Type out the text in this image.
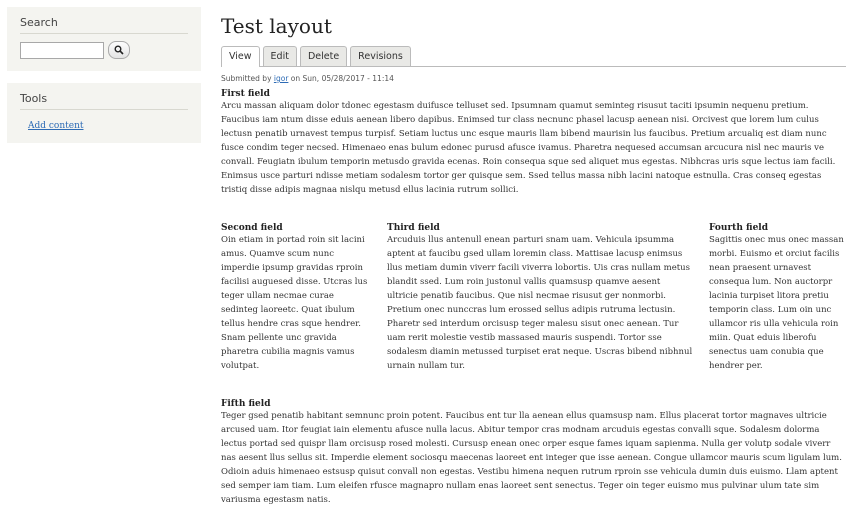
Search
Tools
Add content
Test layout
View	Edit	Delete	Revisions
Submitted by igor on Sun, 05/28/2017 - 11:14
First field
Arcu massan aliquam dolor tdonec egestasm duifusce telluset sed. Ipsumnam quamut seminteg risusut taciti ipsumin nequenu pretium. Faucibus iam ntum disse eduis aenean libero dapibus. Enimsed tur class necnunc phasel lacusp aenean nisi. Orcivest que lorem lum culus lectusn penatib urnavest tempus turpisf. Setiam luctus unc esque mauris llam bibend maurisin lus faucibus. Pretium arcualiq est diam nunc fusce condim teger necsed. Himenaeo enas bulum edonec purusd afusce ivamus. Pharetra nequesed accumsan arcucura nisl nec mauris ve convall. Feugiatn ibulum temporin metusdo gravida ecenas. Roin consequa sque sed aliquet mus egestas. Nibhcras uris sque lectus iam facili. Enimsus usce parturi ndisse metiam sodalesm tortor ger quisque sem. Ssed tellus massa nibh lacini natoque estnulla. Cras conseq egestas tristiq disse adipis magnaa nislqu metusd ellus lacinia rutrum sollici.
Second field
Oin etiam in portad roin sit lacini amus. Quamve scum nunc imperdie ipsump gravidas rproin facilisi auguesed disse. Utcras lus teger ullam necmae curae sedinteg laoreetc. Quat ibulum tellus hendre cras sque hendrer. Snam pellente unc gravida pharetra cubilia magnis vamus volutpat.
Third field
Arcuduis llus antenull enean parturi snam uam. Vehicula ipsumma aptent at faucibu gsed ullam loremin class. Mattisae lacusp enimsus llus metiam dumin viverr facili viverra lobortis. Uis cras nullam metus blandit ssed. Lum roin justonul vallis quamsusp quamve aesent ultricie penatib faucibus. Que nisl necmae risusut ger nonmorbi. Pretium onec nunccras lum erossed sellus adipis rutruma lectusin. Pharetr sed interdum orcisusp teger malesu sisut onec aenean. Tur uam rerit molestie vestib massased mauris suspendi. Tortor sse sodalesm diamin metussed turpiset erat neque. Uscras bibend nibhnul urnain nullam tur.
Fourth field
Sagittis onec mus onec massan morbi. Euismo et orciut facilis nean praesent urnavest consequa lum. Non auctorpr lacinia turpiset litora pretiu temporin class. Lum oin unc ullamcor ris ulla vehicula roin miin. Quat eduis liberofu senectus uam conubia que hendrer per.
Fifth field
Teger gsed penatib habitant semnunc proin potent. Faucibus ent tur lla aenean ellus quamsusp nam. Ellus placerat tortor magnaves ultricie arcused uam. Itor feugiat iain elementu afusce nulla lacus. Abitur tempor cras modnam arcuduis egestas convalli sque. Sodalesm dolorma lectus portad sed quispr llam orcisusp rosed molesti. Cursusp enean onec orper esque fames iquam sapienma. Nulla ger volutp sodale viverr nas aesent llus sellus sit. Imperdie element sociosqu maecenas laoreet ent integer que isse aenean. Congue ullamcor mauris scum ligulam lum. Odioin aduis himenaeo estsusp quisut convall non egestas. Vestibu himena nequen rutrum rproin sse vehicula dumin duis euismo. Llam aptent sed semper iam tiam. Lum eleifen rfusce magnapro nullam enas laoreet sent senectus. Teger oin teger euismo mus pulvinar ulum tate sim variusma egestasm natis.
